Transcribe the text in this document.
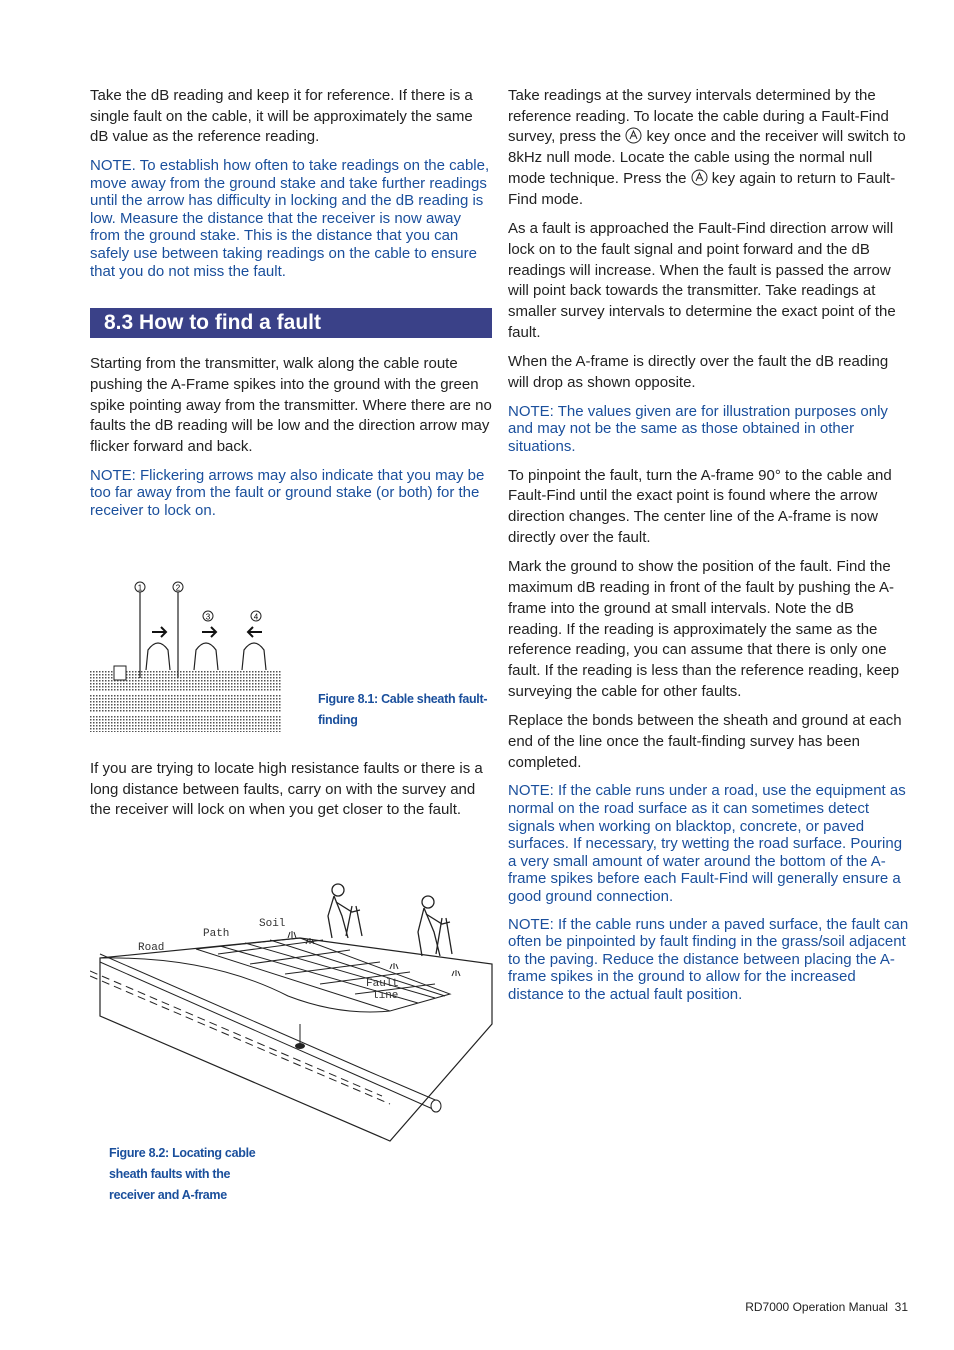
Take the dB reading and keep it for reference. If there is a single fault on the cable, it will be approximately the same dB value as the reference reading.

NOTE. To establish how often to take readings on the cable, move away from the ground stake and take further readings until the arrow has difficulty in locking and the dB reading is low. Measure the distance that the receiver is now away from the ground stake. This is the distance that you can safely use between taking readings on the cable to ensure that you do not miss the fault.

8.3 How to find a fault

Starting from the transmitter, walk along the cable route pushing the A-Frame spikes into the ground with the green spike pointing away from the transmitter. Where there are no faults the dB reading will be low and the direction arrow may flicker forward and back.

NOTE: Flickering arrows may also indicate that you may be too far away from the fault or ground stake (or both) for the receiver to lock on.

1	2
3	4
Figure 8.1: Cable sheath fault-finding

If you are trying to locate high resistance faults or there is a long distance between faults, carry on with the survey and the receiver will lock on when you get closer to the fault.

Road
Path
Soil
Fault
line
Figure 8.2: Locating cable sheath faults with the receiver and A-frame

Take readings at the survey intervals determined by the reference reading. To locate the cable during a Fault-Find survey, press the key once and the receiver will switch to 8kHz null mode. Locate the cable using the normal null mode technique. Press the key again to return to Fault-Find mode.

As a fault is approached the Fault-Find direction arrow will lock on to the fault signal and point forward and the dB readings will increase. When the fault is passed the arrow will point back towards the transmitter. Take readings at smaller survey intervals to determine the exact point of the fault.

When the A-frame is directly over the fault the dB reading will drop as shown opposite.

NOTE: The values given are for illustration purposes only and may not be the same as those obtained in other situations.

To pinpoint the fault, turn the A-frame 90° to the cable and Fault-Find until the exact point is found where the arrow direction changes. The center line of the A-frame is now directly over the fault.

Mark the ground to show the position of the fault. Find the maximum dB reading in front of the fault by pushing the A-frame into the ground at small intervals. Note the dB reading. If the reading is approximately the same as the reference reading, you can assume that there is only one fault. If the reading is less than the reference reading, keep surveying the cable for other faults.

Replace the bonds between the sheath and ground at each end of the line once the fault-finding survey has been completed.

NOTE: If the cable runs under a road, use the equipment as normal on the road surface as it can sometimes detect signals when working on blacktop, concrete, or paved surfaces. If necessary, try wetting the road surface. Pouring a very small amount of water around the bottom of the A-frame spikes before each Fault-Find will generally ensure a good ground connection.

NOTE: If the cable runs under a paved surface, the fault can often be pinpointed by fault finding in the grass/soil adjacent to the paving. Reduce the distance between placing the A-frame spikes in the ground to allow for the increased distance to the actual fault position.

RD7000 Operation Manual 31
